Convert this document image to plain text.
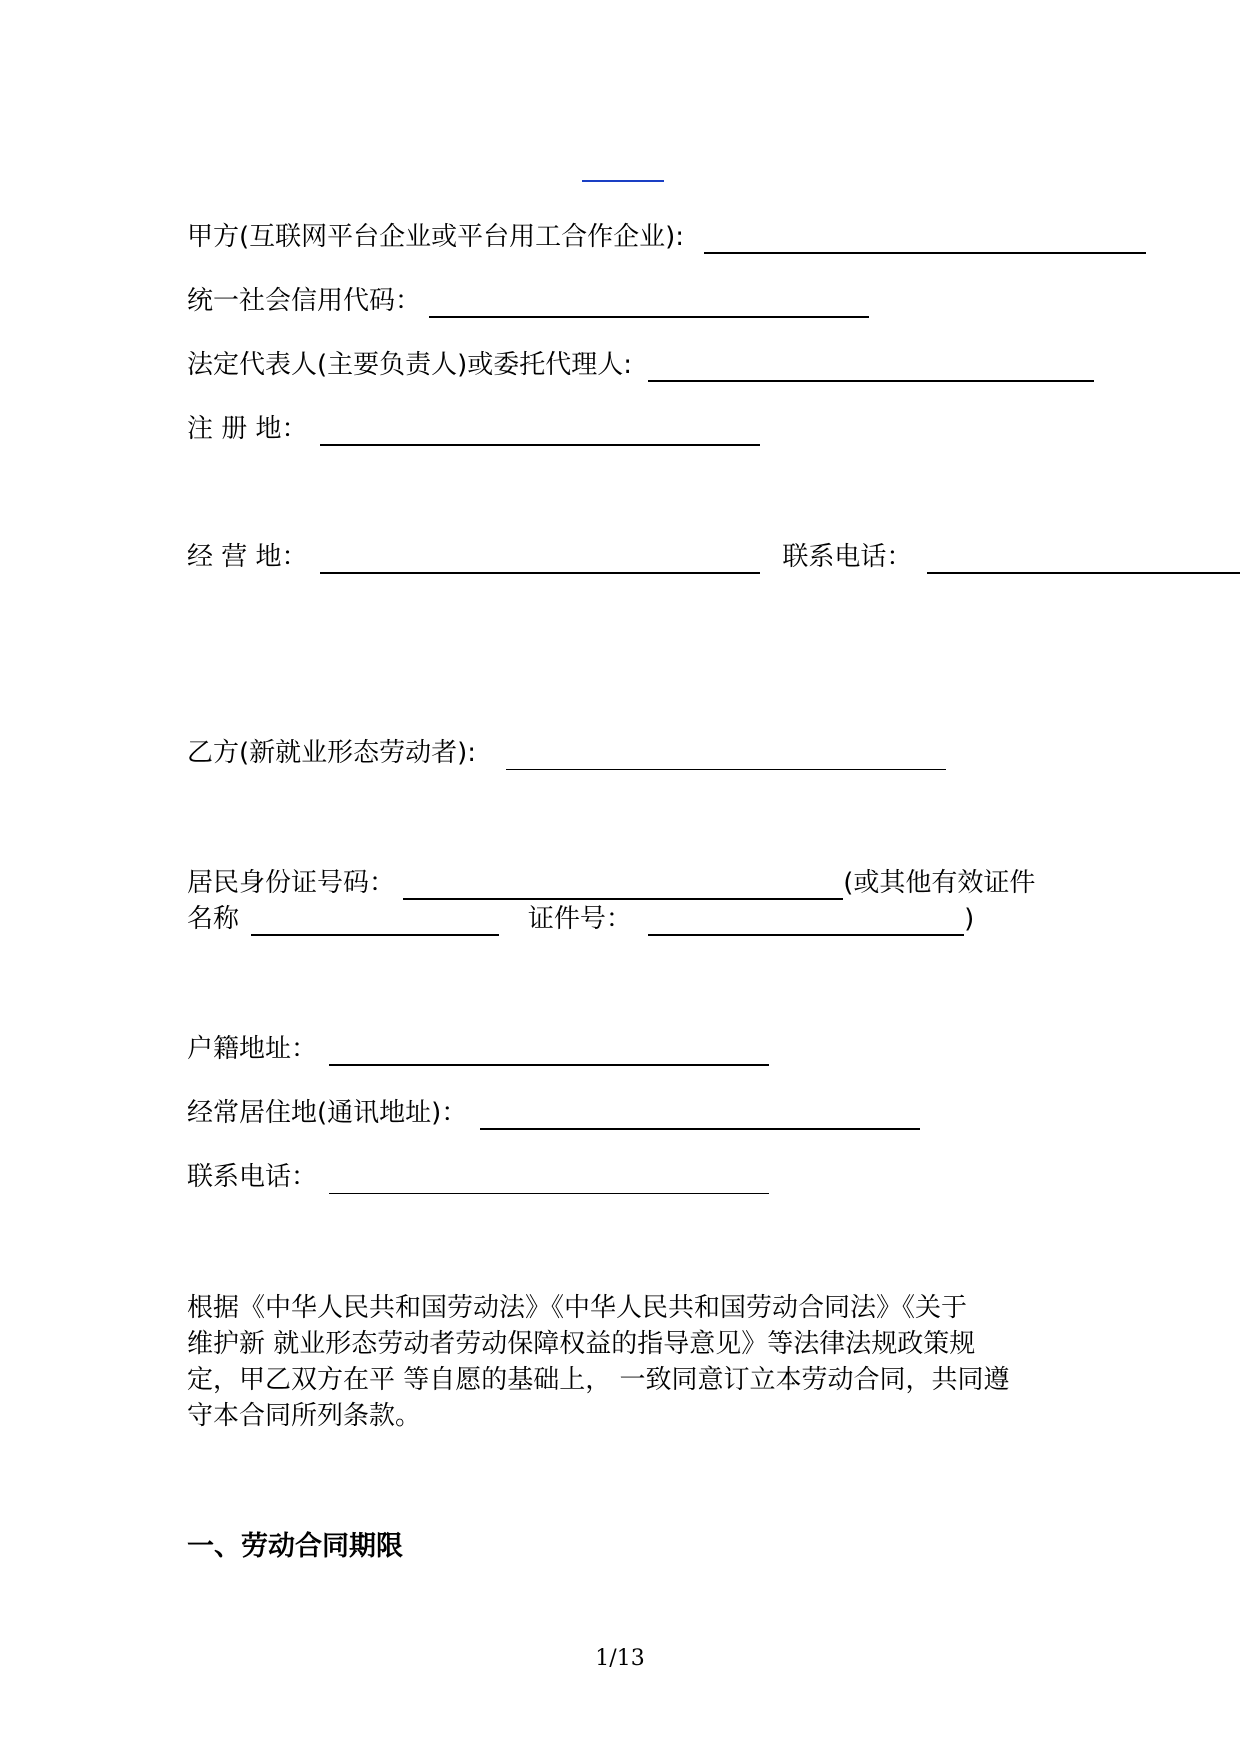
甲方(互联网平台企业或平台用工合作企业):
统一社会信用代码：
法定代表人(主要负责人)或委托代理人:
注 册 地：
经 营 地：	联系电话：
乙方(新就业形态劳动者):
居民身份证号码：	(或其他有效证件
名称	证件号：	)
户籍地址：
经常居住地(通讯地址)：
联系电话：
根据《中华人民共和国劳动法》《中华人民共和国劳动合同法》《关于
维护新 就业形态劳动者劳动保障权益的指导意见》等法律法规政策规
定，甲乙双方在平 等自愿的基础上， 一致同意订立本劳动合同，共同遵
守本合同所列条款。
一、劳动合同期限
1/13
